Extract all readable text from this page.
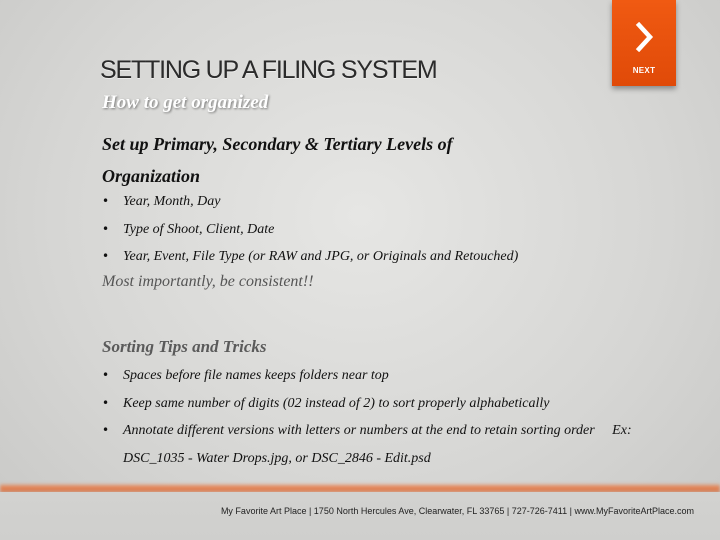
NEXT
SETTING UP A FILING SYSTEM
How to get organized
Set up Primary, Secondary & Tertiary Levels of
Organization
• Year, Month, Day
• Type of Shoot, Client, Date
• Year, Event, File Type (or RAW and JPG, or Originals and Retouched)
Most importantly, be consistent!!
Sorting Tips and Tricks
• Spaces before file names keeps folders near top
• Keep same number of digits (02 instead of 2) to sort properly alphabetically
• Annotate different versions with letters or numbers at the end to retain sorting order     Ex: DSC_1035 - Water Drops.jpg, or DSC_2846 - Edit.psd
My Favorite Art Place | 1750 North Hercules Ave, Clearwater, FL 33765 | 727-726-7411 | www.MyFavoriteArtPlace.com
